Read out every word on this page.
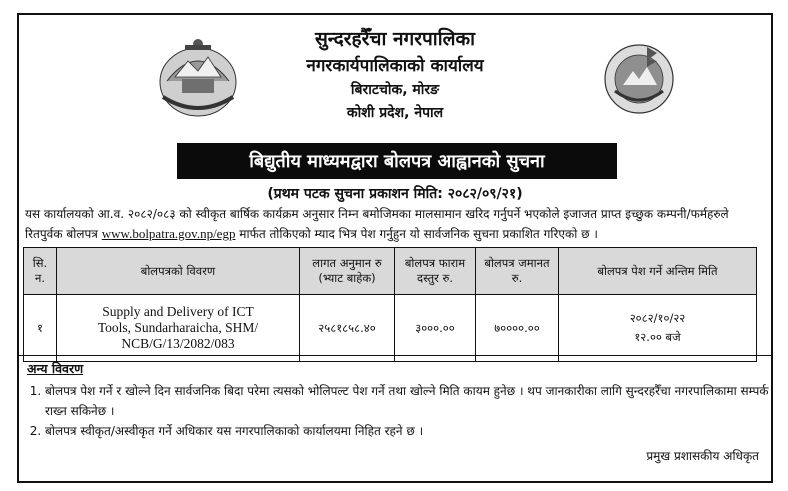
सुन्दरहरैँचा नगरपालिका
नगरकार्यपालिकाको कार्यालय
बिराटचोक, मोरङ
कोशी प्रदेश, नेपाल
बिद्युतीय माध्यमद्वारा बोलपत्र आह्वानको सुचना
(प्रथम पटक सुचना प्रकाशन मिति: २०८२/०९/२१)
यस कार्यालयको आ.व. २०८२/०८३ को स्वीकृत बार्षिक कार्यक्रम अनुसार निम्न बमोजिमका मालसामान खरिद गर्नुपर्ने भएकोले इजाजत प्राप्त इच्छुक कम्पनी/फर्महरुले रितपुर्वक बोलपत्र www.bolpatra.gov.np/egp मार्फत तोकिएको म्याद भित्र पेश गर्नुहुन यो सार्वजनिक सुचना प्रकाशित गरिएको छ ।
सि. न.	बोलपत्रको विवरण	लागत अनुमान रु (भ्याट बाहेक)	बोलपत्र फाराम दस्तुर रु.	बोलपत्र जमानत रु.	बोलपत्र पेश गर्ने अन्तिम मिति
१	Supply and Delivery of ICT Tools, Sundarharaicha, SHM/ NCB/G/13/2082/083	२५८१८५८.४०	३०००.००	७००००.००	२०८२/१०/२२
१२.०० बजे
अन्य विवरण
1. बोलपत्र पेश गर्ने र खोल्ने दिन सार्वजनिक बिदा परेमा त्यसको भोलिपल्ट पेश गर्ने तथा खोल्ने मिति कायम हुनेछ । थप जानकारीका लागि सुन्दरहरैँचा नगरपालिकामा सम्पर्क राख्न सकिनेछ ।
2. बोलपत्र स्वीकृत/अस्वीकृत गर्ने अधिकार यस नगरपालिकाको कार्यालयमा निहित रहने छ ।
प्रमुख प्रशासकीय अधिकृत
